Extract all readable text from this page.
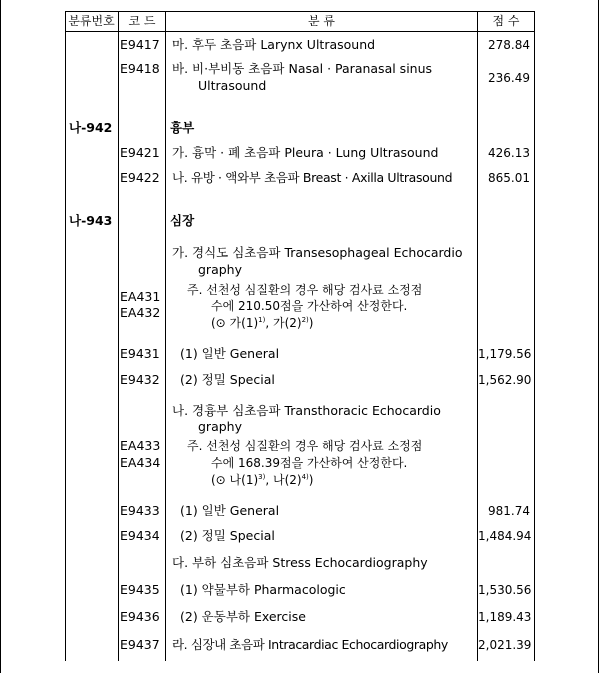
분류번호	코 드	분 류	점 수
E9417 마. 후두 초음파 Larynx Ultrasound	278.84
E9418 바. 비·부비동 초음파 Nasal · Paranasal sinus
Ultrasound	236.49
나-942	흉부
E9421 가. 흉막 · 폐 초음파 Pleura · Lung Ultrasound	426.13
E9422 나. 유방 · 액와부 초음파 Breast · Axilla Ultrasound	865.01
나-943	심장
가. 경식도 심초음파 Transesophageal Echocardio
graphy
EA431
EA432
주. 선천성 심질환의 경우 해당 검사료 소정점
수에 210.50점을 가산하여 산정한다.
(⊙ 가$(1)^{1)}$, 가$(2)^{2)}$)
E9431 (1) 일반 General	1,179.56
E9432 (2) 정밀 Special	1,562.90
나. 경흉부 심초음파 Transthoracic Echocardio
graphy
EA433
EA434
주. 선천성 심질환의 경우 해당 검사료 소정점
수에 168.39점을 가산하여 산정한다.
(⊙ 나$(1)^{3)}$, 나$(2)^{4)}$)
E9433 (1) 일반 General	981.74
E9434 (2) 정밀 Special	1,484.94
다. 부하 심초음파 Stress Echocardiography
E9435 (1) 약물부하 Pharmacologic	1,530.56
E9436 (2) 운동부하 Exercise	1,189.43
E9437 라. 심장내 초음파 Intracardiac Echocardiography	2,021.39
